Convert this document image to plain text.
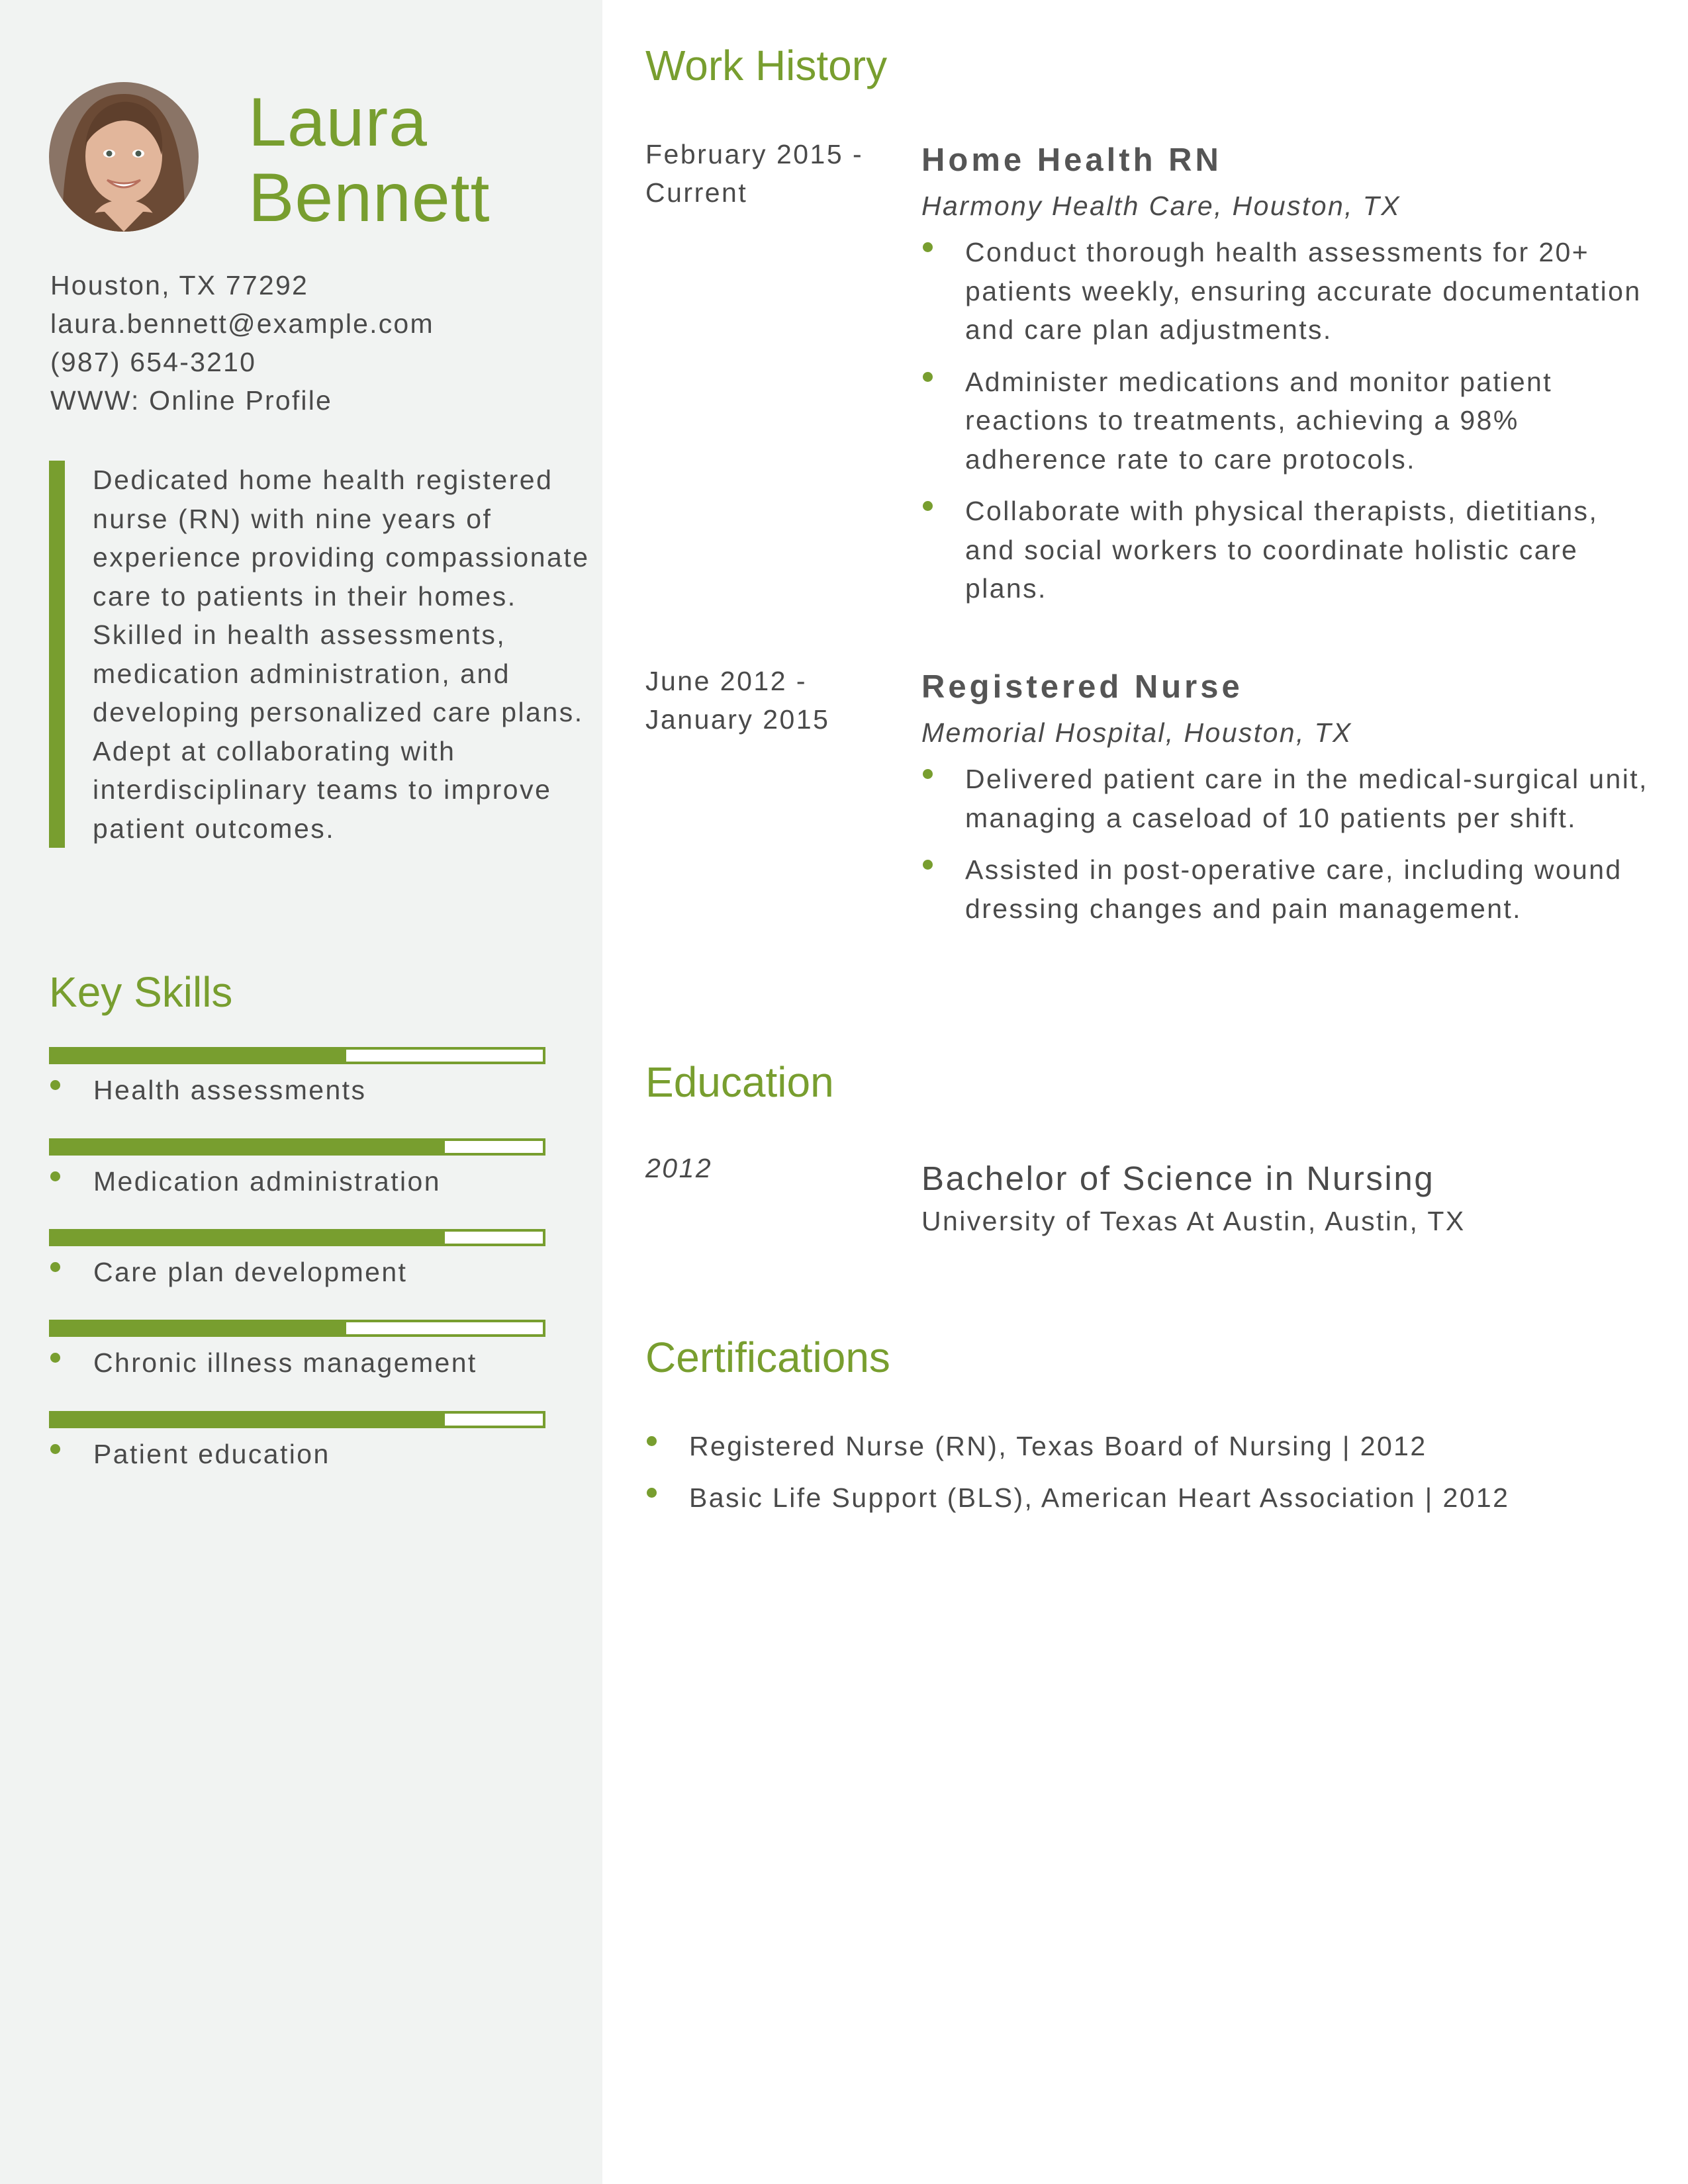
Laura
Bennett
Houston, TX 77292
laura.bennett@example.com
(987) 654-3210
WWW: Online Profile
Dedicated home health registered nurse (RN) with nine years of experience providing compassionate care to patients in their homes. Skilled in health assessments, medication administration, and developing personalized care plans. Adept at collaborating with interdisciplinary teams to improve patient outcomes.
Key Skills
Health assessments
Medication administration
Care plan development
Chronic illness management
Patient education
Work History
February 2015 -
Current
Home Health RN
Harmony Health Care, Houston, TX
Conduct thorough health assessments for 20+ patients weekly, ensuring accurate documentation and care plan adjustments.
Administer medications and monitor patient reactions to treatments, achieving a 98% adherence rate to care protocols.
Collaborate with physical therapists, dietitians, and social workers to coordinate holistic care plans.
June 2012 -
January 2015
Registered Nurse
Memorial Hospital, Houston, TX
Delivered patient care in the medical-surgical unit, managing a caseload of 10 patients per shift.
Assisted in post-operative care, including wound dressing changes and pain management.
Education
2012	Bachelor of Science in Nursing
University of Texas At Austin, Austin, TX
Certifications
Registered Nurse (RN), Texas Board of Nursing | 2012
Basic Life Support (BLS), American Heart Association | 2012
